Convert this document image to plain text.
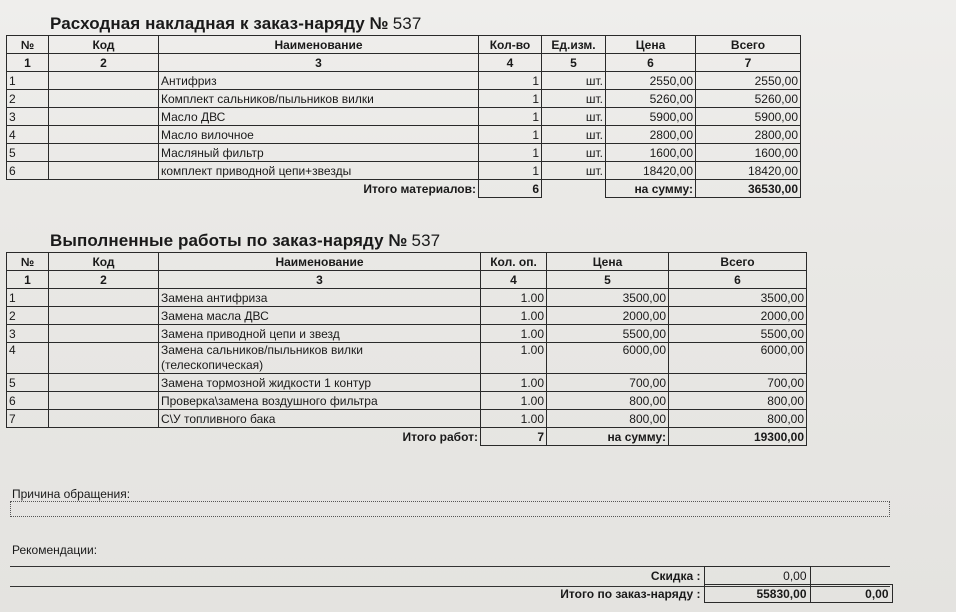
Расходная накладная к заказ-наряду № 537
№	Код	Наименование	Кол-во	Ед.изм.	Цена	Всего
1	2	3	4	5	6	7
1		Антифриз	1	шт.	2550,00	2550,00
2		Комплект сальников/пыльников вилки	1	шт.	5260,00	5260,00
3		Масло ДВС	1	шт.	5900,00	5900,00
4		Масло вилочное	1	шт.	2800,00	2800,00
5		Масляный фильтр	1	шт.	1600,00	1600,00
6		комплект приводной цепи+звезды	1	шт.	18420,00	18420,00
		Итого материалов:	6		на сумму:	36530,00
Выполненные работы по заказ-наряду № 537
№	Код	Наименование	Кол. оп.	Цена	Всего
1	2	3	4	5	6
1		Замена антифриза	1.00	3500,00	3500,00
2		Замена масла ДВС	1.00	2000,00	2000,00
3		Замена приводной цепи и звезд	1.00	5500,00	5500,00
4		Замена сальников/пыльников вилки
(телескопическая)	1.00	6000,00	6000,00
5		Замена тормозной жидкости 1 контур	1.00	700,00	700,00
6		Проверка\замена воздушного фильтра	1.00	800,00	800,00
7		С\У топливного бака	1.00	800,00	800,00
		Итого работ:	7	на сумму:	19300,00
Причина обращения:
Рекомендации:
Скидка :	0,00	
Итого по заказ-наряду :	55830,00	0,00
